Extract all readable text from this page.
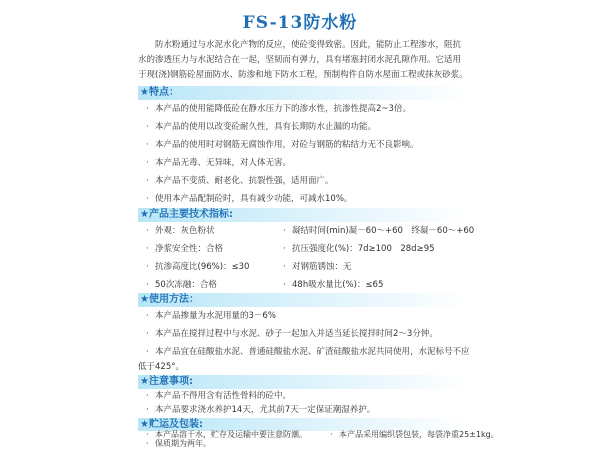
FS-13防水粉
防水粉通过与水泥水化产物的反应，使砼变得致密。因此，能防止工程渗水，阻抗水的渗透压力与水泥结合在一起，坚韧而有弹力，具有堵塞封闭水泥孔隙作用。它适用于现(浇)钢筋砼屋面防水、防渗和地下防水工程，预制构件自防水屋面工程或抹灰砂浆。
★特点：
· 本产品的使用能降低砼在静水压力下的渗水性，抗渗性提高2~3倍。
· 本产品的使用以改变砼耐久性，具有长期防水止漏的功能。
· 本产品的使用时对钢筋无腐蚀作用，对砼与钢筋的粘结力无不良影响。
· 本产品无毒、无异味，对人体无害。
· 本产品不变质、耐老化、抗裂性强，适用面广。
· 使用本产品配制砼时，具有减少功能，可减水10%。
★产品主要技术指标:
· 外观：灰色粉状	· 凝结时间(min)凝－60～+60　终凝－60～+60
· 净浆安全性：合格	· 抗压强度化(%)：7d≥100　28d≥95
· 抗渗高度比(96%)：≤30	· 对钢筋锈蚀：无
· 50次冻融：合格	· 48h吸水量比(%)：≤65
★使用方法：
· 本产品掺量为水泥用量的3－6%
· 本产品在搅拌过程中与水泥、砂子一起加入并适当延长搅拌时间2～3分钟。
· 本产品宜在硅酸盐水泥、普通硅酸盐水泥、矿渣硅酸盐水泥共同使用，水泥标号不应
低于425°。
★注意事项:
· 本产品不得用含有活性骨料的砼中。
· 本产品要求浇水养护14天，尤其前7天一定保证潮湿养护。
★贮运及包装:
· 本产品溶干水，贮存及运输中要注意防潮。	· 本产品采用编织袋包装，每袋净重25±1kg。
· 保质期为两年。
